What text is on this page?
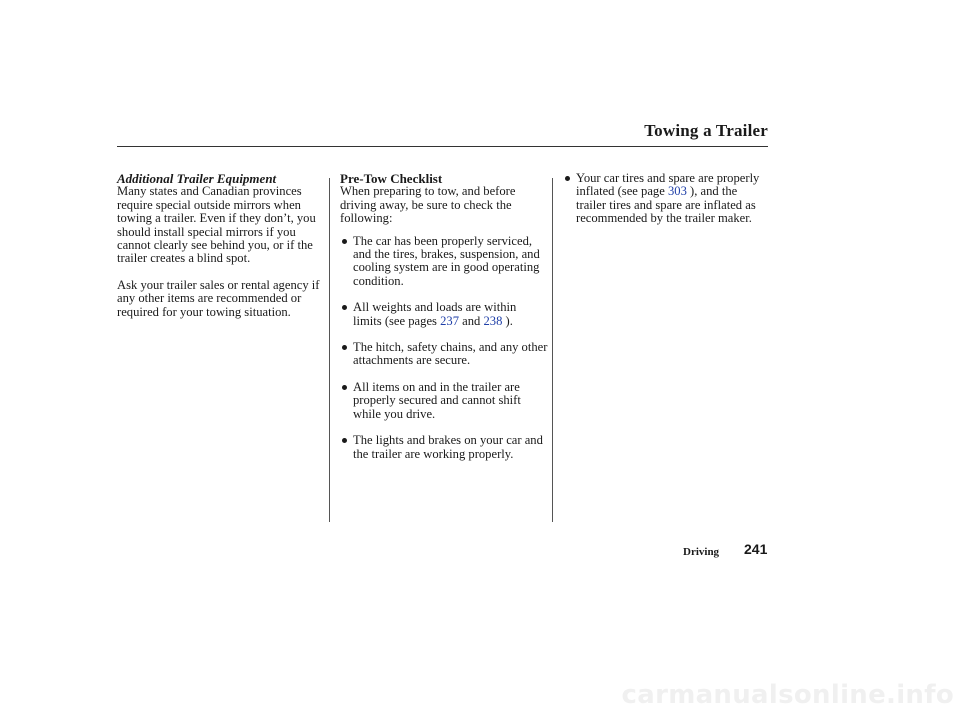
Towing a Trailer
Additional Trailer Equipment

Many states and Canadian provinces require special outside mirrors when towing a trailer. Even if they don’t, you should install special mirrors if you cannot clearly see behind you, or if the trailer creates a blind spot.

Ask your trailer sales or rental agency if any other items are recommended or required for your towing situation.

Pre-Tow Checklist

When preparing to tow, and before driving away, be sure to check the following:

The car has been properly serviced, and the tires, brakes, suspension, and cooling system are in good operating condition.
All weights and loads are within limits (see pages 237 and 238 ).
The hitch, safety chains, and any other attachments are secure.
All items on and in the trailer are properly secured and cannot shift while you drive.
The lights and brakes on your car and the trailer are working properly.
Your car tires and spare are properly inflated (see page 303 ), and the trailer tires and spare are inflated as recommended by the trailer maker.
Driving 241
carmanualsonline.info
